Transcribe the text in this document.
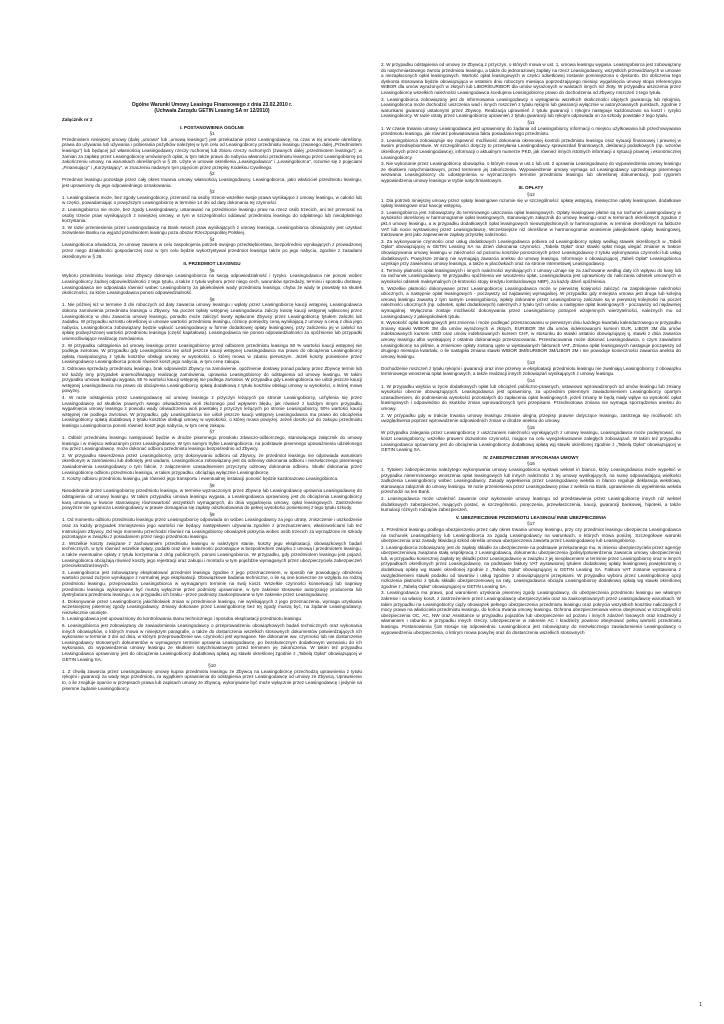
Ogólne Warunki Umowy Leasingu Finansowego z dnia 23.02.2010 r.

(Uchwała Zarządu GETIN Leasing SA nr 12/2010)

Załącznik nr 2

I. POSTANOWIENIA OGÓLNE

§1

Przedmiotem niniejszej umowy (dalej „umowa” lub „umową leasingu”) jest przekazanie przez Leasingodawcę, na czas w tej umowie określony, prawa do używania lub używania i pobierania pożytków należytej w tym celu od Leasingobiorcy przedmiotu leasingu (zwanego dalej „Przedmiotem leasingu”) lub będącej już własnością Leasingodawcy rzeczy ruchomej lub zbioru rzeczy ruchomych (zwanych dalej „przedmiotem leasingu”), w zamian za zapłatę przez Leasingobiorcę umówionych opłat, w tym także prawo do nabycia własności przedmiotu leasingu przez Leasingobiorcę po zakończeniu umowy, na warunkach określonych w § 26. Użyte w umowie określenia „Leasingodawca” i „Leasingobiorca”, rozumie się z pojęciami „Finansujący” i „Korzystający”, w znaczeniu nadanym tym pojęciom przez przepisy Kodeksu Cywilnego.

§2

Przedmiot leasingu pozostaje przez cały okres trwania umowy własnością Leasingodawcy. Leasingobiorca, jako właściciel przedmiotu leasingu, jest uprawniony do jego odpowiedniego oznakowania.

§3

1. Leasingodawca może, bez zgody Leasingobiorcy, przenosić na osoby trzecie wszelkie swoje prawa wynikające z umowy leasingu, w całości lub w części, powiadamiając o powyższym Leasingobiorcę w terminie 14 dni od daty dokonania tej czynności.

2. Leasingobiorca nie może, bez zgody Leasingodawcy, ustanawiać na przedmiocie leasingu praw na rzecz osób trzecich, ani też przenosić na osoby trzecie praw wynikających z niniejszej umowy, w tym w szczególności oddawać przedmiotu leasingu do odpłatnego lub nieodpłatnego korzystania.

3. W razie przeniesienia przez Leasingodawcę na Bank swoich praw wynikających z umowy leasingu, Leasingobiorca obowiązany jest uzyskać zezwolenie Banku na wyjazd przedmiotem leasingu poza obszar Rzeczpospolitej Polskiej.

§4

Leasingobiorca oświadcza, że umowę zawiera w celu zaspokojenia potrzeb swojego przedsiębiorstwa, bezpośrednio wynikających z prowadzonej przez niego działalności gospodarczej oraz w tym celu będzie wykorzystywał przedmiot leasingu także po jego nabyciu, zgodnie z zasadami określonymi w § 26.

II. PRZEDMIOT LEASINGU

§5

Wyboru przedmiotu leasingu oraz Zbywcy dokonuje Leasingobiorca na swoją odpowiedzialność i ryzyko. Leasingodawca nie ponosi wobec Leasingobiorcy żadnej odpowiedzialności z tego tytułu, a także z tytułu wyboru przez niego cech, warunków sprzedaży, terminu i sposobu dostawy. Leasingodawca nie odpowiada również wobec Leasingobiorcy za jakiekolwiek wady przedmiotu leasingu, chyba że wady te powstały na skutek okoliczności, za które Leasingodawca ponosi odpowiedzialność.

§6

1. Nie później niż w terminie 3 dni roboczych od daty zawarcia umowy leasingu i wpłaty przez Leasingobiorcę kaucji wstępnej, Leasingodawca dokona zamówienia przedmiotu leasingu u Zbywcy. Na poczet opłaty wstępnej Leasingodawca zaliczy kwotę kaucji wstępnej wpłaconej przez Leasingobiorcę w dniu zawarcia umowy leasingu, ponadto może zaliczyć kwoty wpłacone Zbywcy przez Leasingobiorcę tytułem zaliczki lub zadatku. W przypadku wzrostu określonej w umowie wartości przedmiotu leasingu, różnicę pomiędzy ceną wynikającą z umowy a ceną z dnia jego nabycia, Leasingobiorca zobowiązany będzie wpłacić Leasingodawcy w formie dodatkowej opłaty leasingowej, przy zaliczeniu jej w całości na spłatę podwyższonej wartości przedmiotu leasingu (część kapitałowa). Leasingodawca nie ponosi odpowiedzialności za opóźnienie lub przypadki uniemożliwiające realizację zamówienia.

2. W przypadku odstąpienia od umowy leasingu przez Leasingobiorcę przed odbiorem przedmiotu leasingu 50 % wartości kaucji wstępnej nie podlega zwrotowi. W przypadku gdy Leasingobiorca nie uiścił jeszcze kaucji wstępnej Leasingodawca ma prawo do obciążenia Leasingobiorcy opłatą manipulacyjną z tytułu kosztów obsługi umowy w wysokości, o której mowa w zdaniu pierwszym. Jeżeli koszty poniesione przez Leasingodawcę Leasingobiorca ponosi również koszt jego nabycia, w tym cenę zakupu.

3. Odmowa sprzedaży przedmiotu leasingu, brak odpowiedzi Zbywcy na zamówienie, opóźnienie dostawy ponad podany przez Zbywcę termin lub też każdy inny przypadek uniemożliwiający realizację zamówienia, uprawnia Leasingobiorcę do odstąpienia od umowy leasingu. W takim przypadku umowa leasingu wygasa, 50 % wartości kaucji wstępnej nie podlega zwrotowi. W przypadku gdy Leasingobiorca nie uiścił jeszcze kaucji wstępnej Leasingodawca ma prawo do obciążenia Leasingobiorcy opłatą dodatkową z tytułu kosztów obsługi umowy w wysokości, o której mowa powyżej.

4. W razie odstąpienia przez Leasingodawcę od umowy leasingu z przyczyn leżących po stronie Leasingobiorcy, uchylenia się przez Leasingodawcę od skutków prawnych swego oświadczenia woli złożonego pod wpływem błędu, jak również z każdym innym przypadku wygaśnięcia umowy leasingu z powodu wady oświadczenia woli powstałej z przyczyn leżących po stronie Leasingobiorcy, 50% wartości kaucji wstępnej nie podlega zwrotowi. W przypadku, gdy Leasingobiorca nie uiścił jeszcze kaucji wstępnej Leasingodawca ma prawo do obciążenia Leasingobiorcy opłatą dodatkową z tytułu kosztów obsługi umowy w wysokości, o której mowa powyżej. Jeżeli doszło już do zakupu przedmiotu leasingu Leasingobiorca ponosi również koszt jego nabycia, w tym cenę zakupu.

§7

1. Odbiór przedmiotu leasingu następować będzie w drodze pisemnego protokołu zdawczo-odbiorczego, stanowiącego załącznik do umowy leasingu i w miejscu wskazanym przez Leasingodawcę. W tym samym trybie Leasingobiorca, na podstawie pisemnego upoważnienia udzielonego mu przez Leasingodawcę, może dokonać odbioru przedmiotu leasingu bezpośrednio od Zbywcy.

2. W przypadku stwierdzenia przez Leasingobiorcę, przy dokonywaniu odbioru od Zbywcy, że przedmiot leasingu nie odpowiada warunkom określonym w zamówieniu lub dotknięty jest wadami, Leasingobiorca zobowiązany jest do odmowy dokonania odbioru i niezwłocznego pisemnego zawiadomienia Leasingodawcy o tym fakcie, z załączeniem uzasadnieniem przyczyny odmowy dokonania odbioru. Skutki dokonania przez Leasingobiorcę odbioru przedmiotu leasingu, w takim przypadku, obciążają wyłącznie Leasingobiorcę.

3. Koszty odbioru przedmiotu leasingu, jak również jego transportu i ewentualnej instalacji ponosić będzie kazdorazowo Leasingobiorca.

§8

Nieodebranie przez Leasingobiorcę przedmiotu leasingu, w terminie wyznaczonym przez Zbywcę lub Leasingodawcę uprawnia Leasingodawcę do odstąpienia od umowy leasingu. W takim przypadku umowa leasingu wygasa, a Leasingodawca uprawniony jest do obciążenia Leasingobiorcy karą umowną w kwocie stanowiącej równowartość wszystkich wymaganych, do dnia wygaśnięcia umowy, opłat leasingowych. Zastrzeżenie powyższe nie ogranicza Leasingodawcy w prawie domagania się zapłaty odszkodowania do pełnej wysokości poniesionej z tego tytułu szkody.

§9

1. Od momentu odbioru przedmiotu leasingu przez Leasingobiorcę odpowiada on wobec Leasingodawcy za jego utratę, zniszczenie i uszkodzenie oraz za każdy przypadek zmniejszenia jego wartości nie będący następstwem używania zgodnie z przeznaczeniem, właściwościami lub też Instrukcjami Zbywcy. Od tego momentu przechodzi również na Leasingobiorcę obowiązek pokrycia wobec osób trzecich za wyrządzone im szkody pozostające w związku z posiadaniem przez niego przedmiotu leasingu.

2. Wszelkie koszty związane z zachowaniem przedmiotu leasingu w należytym stanie, koszty jego eksploatacji, obowiązkowych badań technicznych, w tym również wszelkie opłaty, podatki oraz inne należności pozostające w bezpośrednim związku z umową i przedmiotem leasingu, a także ewentualne opłaty z tytułu korzystania z dróg publicznych, ponosi Leasingobiorca. W przypadku, gdy przedmiotem leasingu jest pojazd, Leasingobiorca obciążają również koszty jego rejestracji oraz zakupu i montażu w tym pojeździe wymaganych przez ubezpieczyciela zabezpieczeń przeciwkradzieżowych.

3. Leasingobiorca jest zobowiązany eksploatować przedmiot leasingu zgodnie z jego przeznaczeniem, w sposób nie powodujący obniżenia wartości ponad zużycie wynikające z normalnej jego eksploatacji. Obowiązkowe badania techniczne, o ile są one konieczne ze względu na rodzaj przedmiotu leasingu, przeprowadza Leasingobiorca w wymaganym terminie na swój koszt. Wszelkie czynności konserwacji lub naprawy przedmiotu leasingu wykonywane być muszą wyłącznie przez podmioty uprawnione, w tym zakresie stosownie autoryzację producenta lub dystrybutora przedmiotu leasingu, a w przypadku ich braku - przez podmioty zaakceptowane w tym zakresie przez Leasingodawcę.

4. Dokonywanie przez Leasingobiorcę jakichkolwiek zmian w przedmiocie leasingu, nie wynikających z jego przeznaczenia, wymaga uzyskania wcześniejszej pisemnej zgody Leasingodawcy. Zmiany dokonane przez Leasingobiorcę bez tej zgody muszą być, na żądanie Leasingodawcy, niezwłocznie usunięte.

5. Leasingodawca jest upoważniony do kontrolowania stanu technicznego i sposobu eksploatacji przedmiotu leasingu.

6. Leasingobiorca jest zobowiązany do zawiadomienia Leasingodawcy o przeprowadzeniu obowiązkowych badań technicznych oraz wykonania innych obowiązków, o których mowa w niniejszym paragrafie, a także do dostarczenia wszelkich stosownych dokumentów potwierdzających ich wykonanie w terminie 3 dni od dnia, w którym przeprowadzenie ww. czynności jest wymagane. Nie dokonanie ww. czynności lub nie dostarczenie Leasingodawcy stosownych dokumentów w wymaganym terminie uprawnia Leasingodawcę, po bezskutecznym dodatkowym wezwaniu do ich wykonania, do wypowiedzenia umowy leasingu ze skutkiem natychmiastowym przed terminem jej zakończenia. W takim też przypadku Leasingodawca uprawniony jest do obciążenia Leasingobiorcy dodatkową opłatą wg stawki określonej zgodnie z „Tabelą Opłat” obowiązującej w GETIN Leasing SA.

§10

1. Z chwilą zawarcia przez Leasingodawcę umowy kupna przedmiotu leasingu ze Zbywcą na Leasingobiorcę przechodzą uprawnienia z tytułu rękojmi i gwarancji za wady tego przedmiotu, za wyjątkiem uprawnienia do odstąpienia przez Leasingodawcę od umowy ze Zbywcą. Uprawnienie to, o ile znajduje oparcie w przepisach prawa lub zapisach umowy ze Zbywcą, wykonywane być może wyłącznie przez Leasingodawcę i jedynie na pisemne żądanie Leasingobiorcy.

2. W przypadku odstąpienia od umowy ze Zbywcą z przyczyn, o których mowa w ust. 1, umowa leasingu wygasa. Leasingobiorca jest zobowiązany do natychmiastowego zwrotu przedmiotu leasingu, a także do jednorazowej zapłaty na rzecz Leasingodawcy, wszystkich przewidzianych w umowie a niezapłaconych opłat leasingowych. Wartość opłat leasingowych w części odsetkowej zostanie pomniejszona o dyskonto. Do obliczenia tego dyskonta stosowana będzie obowiązująca w ostatnim dniu roboczym miesiąca poprzedzającego miesiąc wygaśnięcia umowy stopa referencyjna WIBOR dla umów wyrażonych w złotych lub LIBOR/EURIBOR dla umów wyrażonych w walutach innych niż złoty. W przypadku uiszczenia przez Leasingobiorcę wszelkich należności Leasingodawca scedujena Leasingobiorcę prawo do dochodzenia od Zbywcy roszczeń z tego tytułu.

3. Leasingobiorca zobowiązany jest do informowania Leasingodawcy o wystąpieniu wszelkich okoliczności objętych gwarancją lub rękojmią. Leasingobiorca może dochodzić uiszczenia wad i innych roszczeń z tytułu rękojmi lub gwarancji wyłącznie w autoryzowanych punktach, zgodnie z warunkami gwarancji ustalonymi przez Zbywcę. Realizacja uprawnień z tytułu gwarancji i rękojmi następuje każdorazowo na koszt i ryzyko Leasingobiorcy. W razie utraty przez Leasingobiorcę uprawnień z tytułu gwarancji lub rękojmi odpowiada on za szkody powstałe z tego tytułu.

§11

1. W czasie trwania umowy Leasingodawca jest uprawniony do żądania od Leasingobiorcy informacji o miejscu użytkowania lub przechowywania przedmiotu leasingu, jak również pokwiatowania faktu posiadania tego przedmiotu.

2. Leasingobiorca zobowiązuje się zapewnić możliwość dokonania okresowej kontroli przedmiotu leasingu oraz sytuacji finansowej i prawnej w swoim przedsiębiorstwie. W szczególności dotyczy to przesyłania Leasingodawcy sprawozdań finansowych, deklaracji podatkowych (np. wzorów określonych przez Leasingodawcę), informacji o aktualnym numerze PKD, jak również innych istotnych informacji o sytuacji prawnej i ekonomicznej Leasingobiorcy.

3. Nie wykonanie przez Leasingobiorcę obowiązku, o którym mowa w ust.1 lub ust. 2 uprawnia Leasingodawcę do wypowiedzenia umowy leasingu ze skutkiem natychmiastowym, przed terminem jej zakończenia. Wypowiedzenie umowy wymaga od Leasingodawcy uprzedniego pisemnego wezwania Leasingobiorcy do udostępnienia w wyznaczonym terminie przedmiotu leasingu lub określonej dokumentacji, pod rygorem wypowiedzenia umowy leasingu w trybie natychmiastowym.

III. OPŁATY

§12

1. Dla potrzeb niniejszej umowy przez opłaty leasingowe rozumie się w szczególności: opłatę wstępną, miesięczne opłaty leasingowe, dodatkowe opłaty leasingowe oraz kaucję wstępną.

2. Leasingobiorca jest zobowiązany do terminowego uiszczania opłat leasingowych. Opłaty leasingowe płatne są na rachunek Leasingodawcy w wysokości określonej w harmonogramie opłat leasingowych, stanowiącym załącznik do umowy leasingu oraz w terminach określonych zgodnie z pkt.4 umowy leasingu, a w przypadku dodatkowych opłat leasingowych nieuwzględnionych w harmonogramie, w terminie określonym na fakturze VAT lub nocie wystawionej przez Leasingodawcę. Wcześniejsze niż określone w harmonogramie wniesienie jakiejkolwiek opłaty leasingowej, traktowane jest jako zapewnienie zapłaty przyszłej należności.

3. Za wykonywanie czynności oraz usług dodatkowych Leasingodawca pobiera od Leasingobiorcy opłaty według stawek określonych w „Tabeli Opłat” obowiązującej w GETIN Leasing SA na dzień dokonania czynności. „Tabela Opłat” oraz stawki opłat mogą ulegać zmianie w trakcie obowiązywania umowy leasingu w zależności od poziomu kosztów ponoszonych przez Leasingodawcę z tytułu wykonywania czynności lub usług dodatkowych. Powyższe zmiany nie wymagają zawarcia aneksu do umowy leasingu. Informacje o obowiązującej „Tabeli Opłat” Leasingobiorca uzyskuje przy zawieraniu umowy leasingu, a także w placówkach oraz na stronie internetowej Leasingodawcy.

4. Terminy płatności opłat leasingowych i innych należności wynikających z umowy uznaje się za zachowane według daty ich wpływu do kasy lub na rachunek Leasingodawcy. W przypadku opóźnienia we wnoszeniu opłat, Leasingodawca jest uprawniony do naliczania odsetek umownych w wysokości odsetek maksymalnych (4-krotności stopy kredytu lombardowego NBP), za każdy dzień opóźnienia.

5. Wszelkie płatności dokonywane przez Leasingobiorcę Leasingodawca może w pierwszej kolejności zaliczyć na zaspokojenie należności ubocznych, a następnie opłat leasingowych - począwszy od najdawniej wymagalnej. W przypadku gdy mniejsza umowa jest druga lub kolejną umową leasingu zawartą z tym samym Leasingobiorcą, wpłaty dokonane przez Leasingobiorcę zaliczane są w pierwszej kolejności na poczet należności ubocznych (np. odsetek, opłat dodatkowych) należnych z tytułu tych umów, a następnie opłat leasingowych - począwszy od najdawniej wymagalnej. Wyłączona zostaje możliwość dokonywania przez Leasingobiorcę potrąceń wzajemnych wierzytelności, należnych mu od Leasingodawcy z jakiegokolwiek tytułu.

6. Wysokość opłat leasingowych jest zmienna i może podlegać przeszacowaniu w pierwszym dniu każdego kwartału kalendarzowego w przypadku zmiany stawki WIBOR 3M dla umów wyrażonych w złotych, EURIBOR 3M dla umów indeksowanym kursem EUR, LIBOR 3M dla umów indeksowanych kursem USD oraz umów indeksowanych kursem CHF, w stosunku do stawki ostatnio obowiązującej tj. stawki z dnia zawarcia umowy leasingu albo wynikającej z ostatnio dokonanego przeszacowania. Przeszacowania może dokonać Leasingodawca, o czym zawiadomi Leasingobiorcę na piśmie, a zmienione opłaty zostaną ujęte w wystawianych fakturach VAT. Zmiana opłat leasingowych nastąpuje począwszy od drugiego miesiąca kwartału, o ile nastąpiła zmiana stawki WIBOR 3M/EURIBOR 3M/LIBOR 3M i nie powoduje konieczności zawarcia aneksu do umowy leasingu.

§13

Dochodzenie roszczeń z tytułu rękojmi i gwarancji oraz inne przerwy w eksploatacji przedmiotu leasingu nie zwalniają Leasingobiorcy z obowiązku terminowego wnoszenia opłat leasingowych, a także realizacji innych zobowiązań wynikających z umowy leasingu.

§14

1. W przypadku wejścia w życie dodatkowych opłat lub obciążeń publiczno-prawnych, ustawowo wprowadzonych od umów leasingu lub zmiany wysokości obecnie obowiązujących, Leasingodawca jest uprawniony, za uprzednim pisemnym zawiadomieniem Leasingobiorcy opartym uzasadnieniem, do podniesienia wysokości pozostałych do zapłacenia opłat leasingowych, jeżeli zmiany te będą miały wpływ na wysokość opłat leasingowych i odpowiednio do skutków zmian wprowadzonych tymi przepisami. Przedmiotowa zmiana nie wymaga sporządzenia aneksu do umowy.

2. W przypadku gdy w trakcie trwania umowy leasingu zmianie ulegną przepisy prawne dotyczące leasingu, zastrzega się możliwość ich uwzględnienia poprzez wprowadzenie odpowiednich zmian w drodze aneksu do umowy.

§15

W przypadku zalegania przez Leasingobiorcę z uiszczaniem należności wynikających z umowy leasingu, Leasingodawca może podejmować, na koszt Leasingobiorcy, wszelkie prawem dozwolone czynności, mające na celu wyegzekwowanie zaległych zobowiązań. W takim też przypadku Leasingodawca uprawniony jest do obciążenia Leasingobiorcy dodatkową opłatą wg stawki określonej zgodnie z „Tabelą Opłat” obowiązującej w GETIN Leasing SA.

IV. ZABEZPIECZENIE WYKONANIA UMOWY

§16

1. Tytułem zabezpieczenia należytego wykonywania umowy Leasingobiorca wystawi weksel in blanco, który Leasingodawca może wypełnić w przypadku nieterminowego wnoszenia opłat leasingowych lub innych należności z tej umowy wynikających, na sumę odpowiadającą wielkości zadłużenia Leasingobiorcy wobec Leasingodawcy. Zasady wypełnienia przez Leasingodawcę weksla in blanco reguluje deklaracja wekslowa, stanowiąca załącznik do umowy leasingu. W razie przeniesienia przez Leasingodawcę praw z weksla na Bank, uprawnienie do wypełnienia weksla przechodzi na ten Bank.

2. Leasingodawca może uzależnić zawarcie oraz wykonanie umowy leasingu od przedstawienia przez Leasingobiorcę innych niż weksel dodatkowych zabezpieczeń, mających postać, w szczególności, poręczenia, przewłaszczenia, kaucji, gwarancji bankowej, hipoteki, a także kumulacji różnych rodzajów zabezpieczeń.

V. UBEZPIECZENIE PRZEDMIOTU LEASINGU/ INNE UBEZPIECZENIA

§17

1. Przedmiot leasingu podlega ubezpieczeniu przez cały okres trwania umowy leasingu, przy czy przedmiot leasingu ubezpiecza Leasingodawca na rachunek Leasingobiorcy lub Leasingobiorca za zgodą Leasingodawcy na warunkach, o których mowa poniżej. Szczegółowe warunki ubezpieczenia oraz zasady likwidacji szkód określa umowa ubezpieczenia zawarta przez Leasingodawcę lub Leasingobiorcę.

2. Leasingobiorca zobowiązany jest do zapłaty składki za ubezpieczenie na podstawie przekazanego mu, w imieniu ubezpieczyciela przez agencję ubezpieczeniową związana stałą współpracą z Leasingodawcą, dokumentu ubezpieczenia (polisy/potwierdzenia zawarcia umowy ubezpieczenia) lub, w przypadku koniecznej zapłaty tej składki przez Leasingodawcę w związku z jej nieopłaceniem w terminie przez Leasingobiorcę oraz w innych przypadkach określonych przez Leasingodawcę, na podstawie faktury VAT wystawionej tytułem dodatkowej opłaty leasingowej powiększonej o dodatkową opłatę wg stawki określonej zgodnie z „Tabelą Opłat” obowiązującej w GETIN Leasing SA. Faktura VAT zostanie wystawiona z uwzględnieniem stawki podatku od towarów i usług zgodnie z obowiązującymi przepisami. W przypadku wyboru przez Leasingobiorcę opcji rozłożenia płatności z tytułu składki ubezpieczeniowej na raty, Leasingodawca obciąża Leasingobiorcę dodatkową opłatą wg stawki określonej zgodnie z „Tabelą Opłat” obowiązującej w GETIN Leasing SA.

3. Leasingodawca ma prawo, pod warunkiem uzyskania pisemnej zgody Leasingodawcy, do ubezpieczenia przedmiotu leasingu we własnym zakresie i na własny koszt, z zastrzeżeniem przez Leasingodawcę ubezpieczyciela oraz na zaakceptowanych przez Leasingodawcę warunkach. W takim przypadku na Leasingobiorcy ciąży obowiązek pełnego ubezpieczenia przedmiotu leasingu oraz pokrycia wszystkich kosztów naliczanych z mocy prawa na właściciela przedmiotu leasingu, do końca trwania umowy leasingu. Ochrona ubezpieczeniowa winna obejmować w szczególności ubezpieczenia OC, AC, NW oraz Assistance w przypadku pojazdów lub ubezpieczenie od pożaru i innych zdarzeń losowych oraz kradzieży z włamaniem i rabunku w przypadku innych rzeczy. Ubezpieczenie w zakresie AC i kradzieży powinno obejmować pełną wartość przedmiotu leasingu. Postanowienia §18 stosuje się odpowiednio. Leasingobiorca jest zobowiązany do niezwłocznego zawiadomienia Leasingodawcy o wypowiedzeniu ubezpieczenia, o którym mowa powyżej oraz do dostarczenia wszelkich stosownych

1
